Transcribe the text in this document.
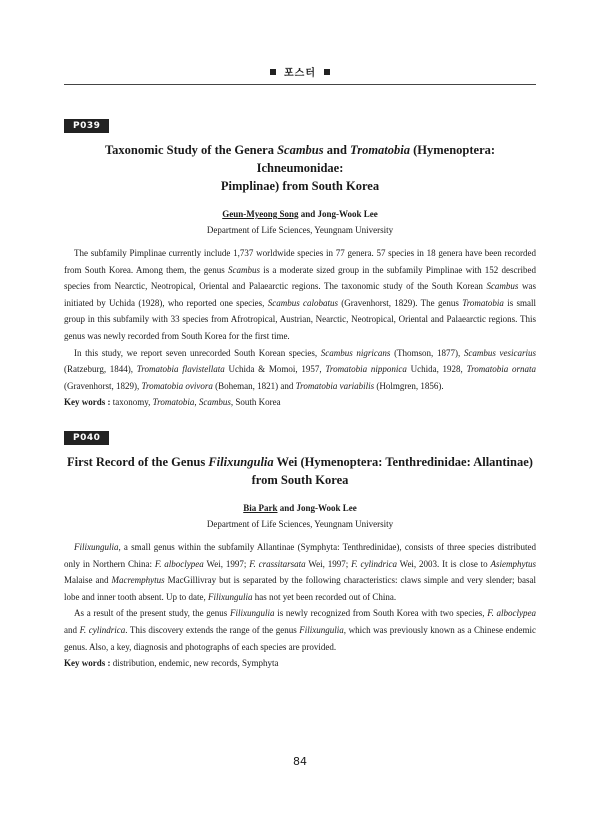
포스터
P039
Taxonomic Study of the Genera Scambus and Tromatobia (Hymenoptera: Ichneumonidae:
Pimplinae) from South Korea
Geun-Myeong Song and Jong-Wook Lee
Department of Life Sciences, Yeungnam University

The subfamily Pimplinae currently include 1,737 worldwide species in 77 genera. 57 species in 18 genera have been recorded from South Korea. Among them, the genus Scambus is a moderate sized group in the subfamily Pimplinae with 152 described species from Nearctic, Neotropical, Oriental and Palaearctic regions. The taxonomic study of the South Korean Scambus was initiated by Uchida (1928), who reported one species, Scambus calobatus (Gravenhorst, 1829). The genus Tromatobia is small group in this subfamily with 33 species from Afrotropical, Austrian, Nearctic, Neotropical, Oriental and Palaearctic regions. This genus was newly recorded from South Korea for the first time.

In this study, we report seven unrecorded South Korean species, Scambus nigricans (Thomson, 1877), Scambus vesicarius (Ratzeburg, 1844), Tromatobia flavistellata Uchida & Momoi, 1957, Tromatobia nipponica Uchida, 1928, Tromatobia ornata (Gravenhorst, 1829), Tromatobia ovivora (Boheman, 1821) and Tromatobia variabilis (Holmgren, 1856).

Key words : taxonomy, Tromatobia, Scambus, South Korea
P040
First Record of the Genus Filixungulia Wei (Hymenoptera: Tenthredinidae: Allantinae)
from South Korea
Bia Park and Jong-Wook Lee
Department of Life Sciences, Yeungnam University

Filixungulia, a small genus within the subfamily Allantinae (Symphyta: Tenthredinidae), consists of three species distributed only in Northern China: F. alboclypea Wei, 1997; F. crassitarsata Wei, 1997; F. cylindrica Wei, 2003. It is close to Asiemphytus Malaise and Macremphytus MacGillivray but is separated by the following characteristics: claws simple and very slender; basal lobe and inner tooth absent. Up to date, Filixungulia has not yet been recorded out of China.

As a result of the present study, the genus Filixungulia is newly recognized from South Korea with two species, F. alboclypea and F. cylindrica. This discovery extends the range of the genus Filixungulia, which was previously known as a Chinese endemic genus. Also, a key, diagnosis and photographs of each species are provided.

Key words : distribution, endemic, new records, Symphyta
84
